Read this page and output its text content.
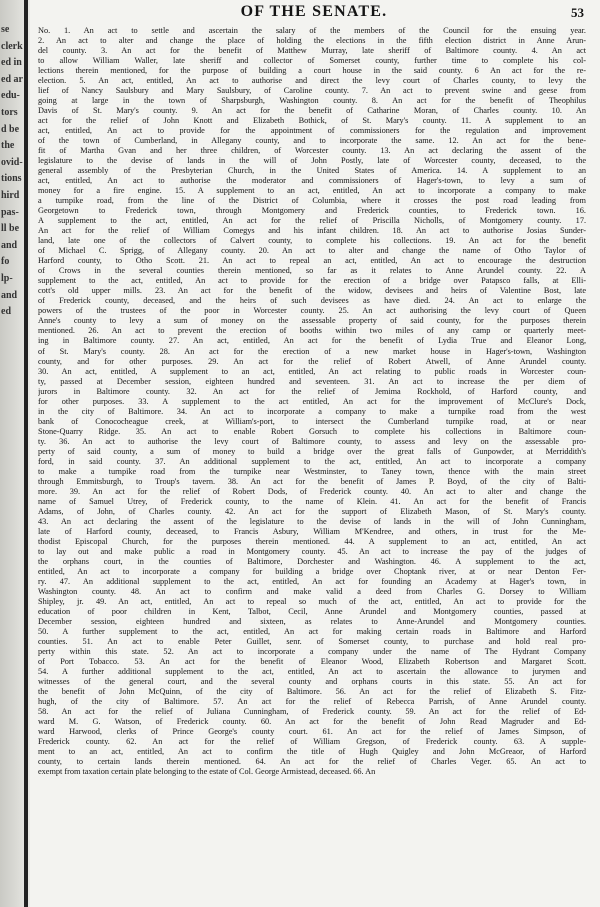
se
clerk
ed in
ed ar
edu-
tors
d be
the
ovid-
tions
hird
pas-
ll be
and
fo
lp-
and
ed
OF THE SENATE.	53
No. 1. An act to settle and ascertain the salary of the members of the Council for the ensuing year.
2. An act to alter and change the place of holding the elections in the fifth election district in Anne Arun-
del county. 3. An act for the benefit of Matthew Murray, late sheriff of Baltimore county. 4. An act
to allow William Waller, late sheriff and collector of Somerset county, further time to complete his col-
lections therein mentioned, for the purpose of building a court house in the said county. 6 An act for the re-
election. 5. An act, entitled, An act to authorise and direct the levy court of Charles county, to levy the
lief of Nancy Saulsbury and Mary Saulsbury, of Caroline county. 7. An act to prevent swine and geese from
going at large in the town of Sharpsburgh, Washington county. 8. An act for the benefit of Theophilus
Davis of St. Mary's county. 9. An act for the benefit of Catharine Moran, of Charles county. 10. An
act for the relief of John Knott and Elizabeth Bothick, of St. Mary's county. 11. A supplement to an
act, entitled, An act to provide for the appointment of commissioners for the regulation and improvement
of the town of Cumberland, in Allegany county, and to incorporate the same. 12. An act for the bene-
fit of Martha Gvan and her three children, of Worcester county. 13. An act declaring the assent of the
legislature to the devise of lands in the will of John Postly, late of Worcester county, deceased, to the
general assembly of the Presbyterian Church, in the United States of America. 14. A supplement to an
act, entitled, An act to authorise the moderator and commissioners of Hager's-town, to levy a sum of
money for a fire engine. 15. A supplement to an act, entitled, An act to incorporate a company to make
a turnpike road, from the line of the District of Columbia, where it crosses the post road leading from
Georgetown to Frederick town, through Montgomery and Frederick counties, to Frederick town. 16.
A supplement to the act, entitled, An act for the relief of Priscilla Nicholls, of Montgomery county. 17.
An act for the relief of William Comegys and his infant children. 18. An act to authorise Josias Sunder-
land, late one of the collectors of Calvert county, to complete his collections. 19. An act for the benefit
of Michael C. Sprigg, of Allegany county. 20. An act to alter and change the name of Otho Taylor of
Harford county, to Otho Scott. 21. An act to repeal an act, entitled, An act to encourage the destruction
of Crows in the several counties therein mentioned, so far as it relates to Anne Arundel county. 22. A
supplement to the act, entitled, An act to provide for the erection of a bridge over Patapsco falls, at Elli-
cott's old upper mills. 23. An act for the benefit of the widow, devisees and heirs of Valentine Bost, late
of Frederick county, deceased, and the heirs of such devisees as have died. 24. An act to enlarge the
powers of the trustees of the poor in Worcester county. 25. An act authorising the levy court of Queen
Anne's county to levy a sum of money on the assessable property of said county, for the purposes therein
mentioned. 26. An act to prevent the erection of booths within two miles of any camp or quarterly meet-
ing in Baltimore county. 27. An act, entitled, An act for the benefit of Lydia True and Eleanor Long,
of St. Mary's county. 28. An act for the erection of a new market house in Hager's-town, Washington
county, and for other purposes. 29. An act for the relief of Robert Atwell, of Anne Arundel county.
30. An act, entitled, A supplement to an act, entitled, An act relating to public roads in Worcester coun-
ty, passed at December session, eighteen hundred and seventeen. 31. An act to increase the per diem of
jurors in Baltimore county. 32. An act for the relief of Jemima Rockhold, of Harford county, and
for other purposes. 33. A supplement to the act entitled, An act for the improvement of McClure's Dock,
in the city of Baltimore. 34. An act to incorporate a company to make a turnpike road from the west
bank of Conococheague creek, at William's-port, to intersect the Cumberland turnpike road, at or near
Stone-Quarry Ridge. 35. An act to enable Robert Gorsuch to complete his collections in Baltimore coun-
ty. 36. An act to authorise the levy court of Baltimore county, to assess and levy on the assessable pro-
perty of said county, a sum of money to build a bridge over the great falls of Gunpowder, at Merriddith's
ford, in said county. 37. An additional supplement to the act, entitled, An act to incorporate a company
to make a turnpike road from the turnpike near Westminster, to Taney town, thence with the main street
through Emmitsburgh, to Troup's tavern. 38. An act for the benefit of James P. Boyd, of the city of Balti-
more. 39. An act for the relief of Robert Dods, of Frederick county. 40. An act to alter and change the
name of Samuel Utrey, of Frederick county, to the name of Klein. 41. An act for the benefit of Francis
Adams, of John, of Charles county. 42. An act for the support of Elizabeth Mason, of St. Mary's county.
43. An act declaring the assent of the legislature to the devise of lands in the will of John Cunningham,
late of Harford county, deceased, to Francis Asbury, William M'Kendree, and others, in trust for the Me-
thodist Episcopal Church, for the purposes therein mentioned. 44. A supplement to an act, entitled, An act
to lay out and make public a road in Montgomery county. 45. An act to increase the pay of the judges of
the orphans court, in the counties of Baltimore, Dorchester and Washington. 46. A supplement to the act,
entitled, An act to incorporate a company for building a bridge over Choptank river, at or near Denton Fer-
ry. 47. An additional supplement to the act, entitled, An act for founding an Academy at Hager's town, in
Washington county. 48. An act to confirm and make valid a deed from Charles G. Dorsey to William
Shipley, jr. 49. An act, entitled, An act to repeal so much of the act, entitled, An act to provide for the
education of poor children in Kent, Talbot, Cecil, Anne Arundel and Montgomery counties, passed at
December session, eighteen hundred and sixteen, as relates to Anne-Arundel and Montgomery counties.
50. A further supplement to the act, entitled, An act for making certain roads in Baltimore and Harford
counties. 51. An act to enable Peter Guillet, senr. of Somerset county, to purchase and hold real pro-
perty within this state. 52. An act to incorporate a company under the name of The Hydrant Company
of Port Tobacco. 53. An act for the benefit of Eleanor Wood, Elizabeth Robertson and Margaret Scott.
54. A further additional supplement to the act, entitled, An act to ascertain the allowance to jurymen and
witnesses of the general court, and the several county and orphans courts in this state. 55. An act for
the benefit of John McQuinn, of the city of Baltimore. 56. An act for the relief of Elizabeth S. Fitz-
hugh, of the city of Baltimore. 57. An act for the relief of Rebecca Parrish, of Anne Arundel county.
58. An act for the relief of Juliana Cunningham, of Frederick county. 59. An act for the relief of Ed-
ward M. G. Watson, of Frederick county. 60. An act for the benefit of John Read Magruder and Ed-
ward Harwood, clerks of Prince George's county court. 61. An act for the relief of James Simpson, of
Frederick county. 62. An act for the relief of William Gregson, of Frederick county. 63. A supple-
ment to an act, entitled, An act to confirm the title of Hugh Quigley and John McGreaor, of Harford
county, to certain lands therein mentioned. 64. An act for the relief of Charles Veger. 65. An act to
exempt from taxation certain plate belonging to the estate of Col. George Armistead, deceased. 66. An
